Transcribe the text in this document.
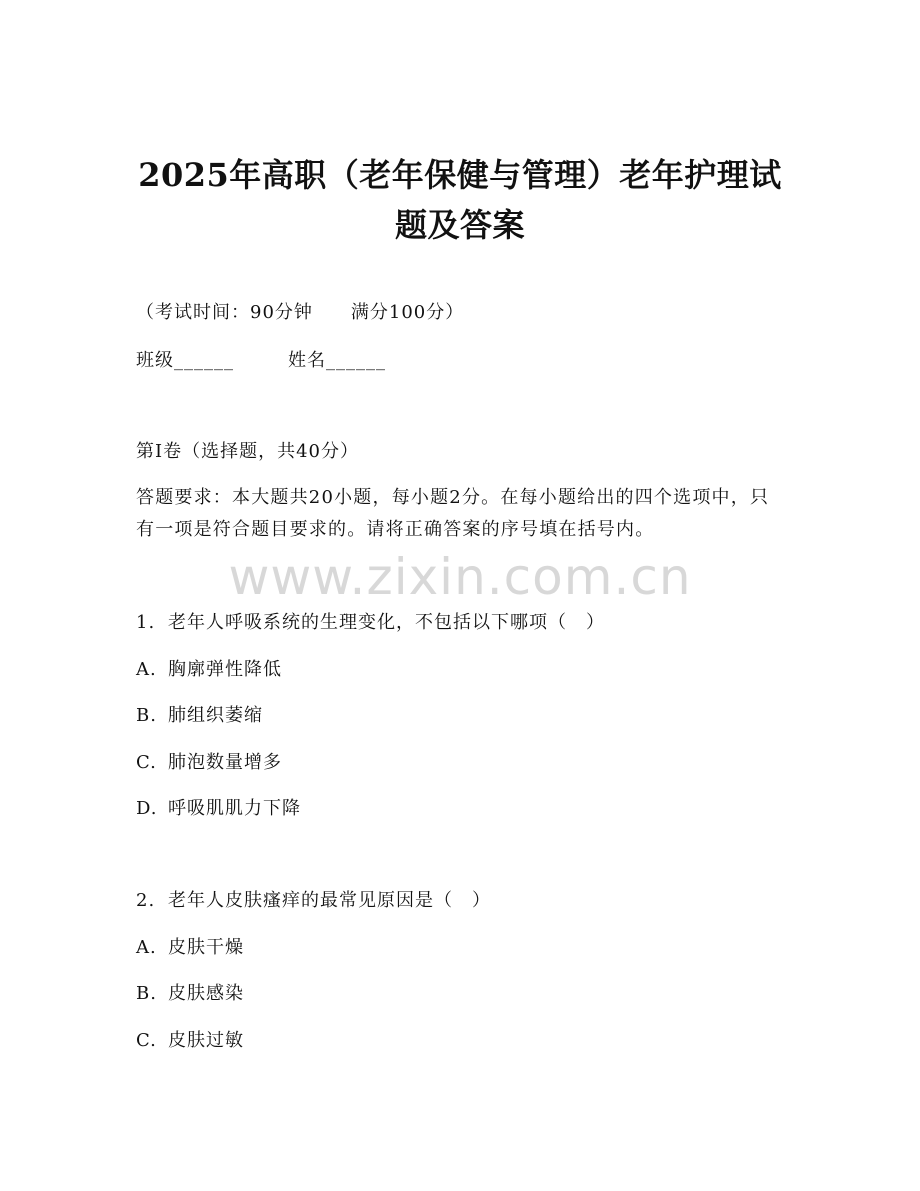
2025年高职（老年保健与管理）老年护理试
题及答案
（考试时间：90分钟　　满分100分）
班级______	姓名______
第I卷（选择题，共40分）
答题要求：本大题共20小题，每小题2分。在每小题给出的四个选项中，只有一项是符合题目要求的。请将正确答案的序号填在括号内。
www.zixin.com.cn
1. 老年人呼吸系统的生理变化，不包括以下哪项（　）
A. 胸廓弹性降低
B. 肺组织萎缩
C. 肺泡数量增多
D. 呼吸肌肌力下降
2. 老年人皮肤瘙痒的最常见原因是（　）
A. 皮肤干燥
B. 皮肤感染
C. 皮肤过敏
